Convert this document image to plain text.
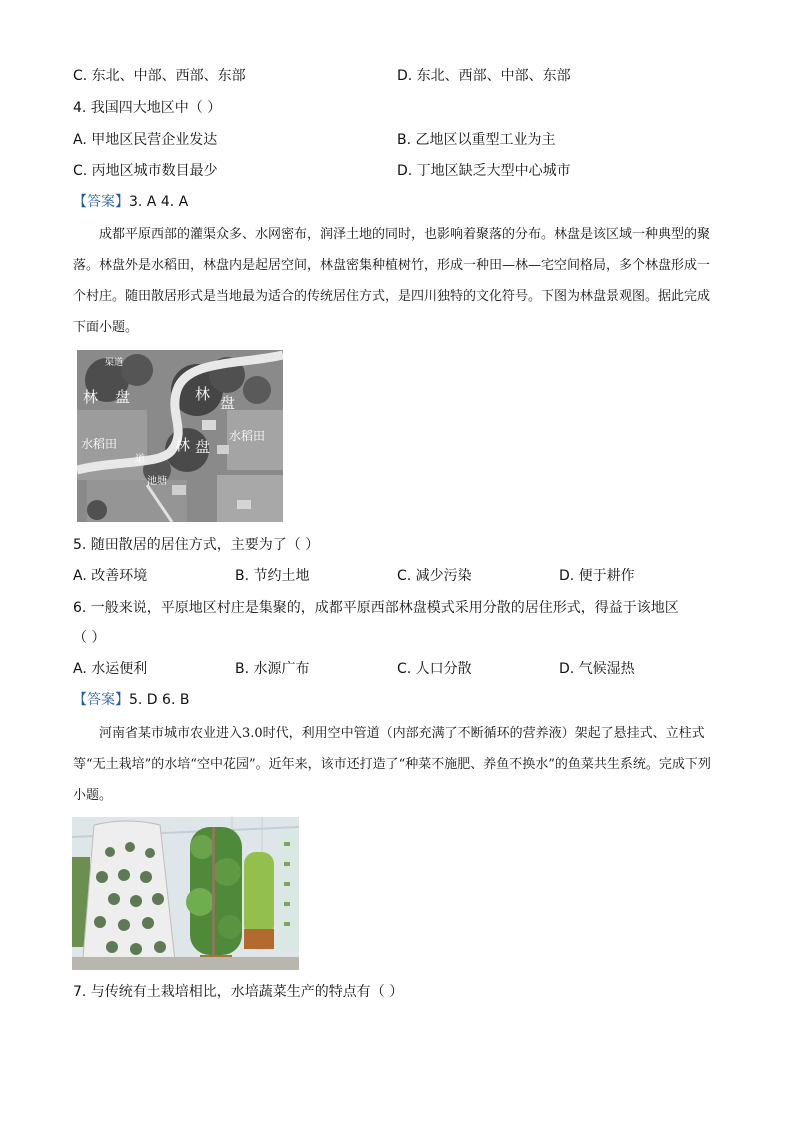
C. 东北、中部、西部、东部	D. 东北、西部、中部、东部
4. 我国四大地区中（ ）
A. 甲地区民营企业发达	B. 乙地区以重型工业为主
C. 丙地区城市数目最少	D. 丁地区缺乏大型中心城市
【答案】3. A 4. A
成都平原西部的灌渠众多、水网密布，润泽土地的同时，也影响着聚落的分布。林盘是该区域一种典型的聚落。林盘外是水稻田，林盘内是起居空间，林盘密集种植树竹，形成一种田—林—宅空间格局，多个林盘形成一个村庄。随田散居形式是当地最为适合的传统居住方式，是四川独特的文化符号。下图为林盘景观图。据此完成下面小题。
渠道
林 盘	林 盘
水稻田
水稻田
林 盘
池塘
道
5. 随田散居的居住方式，主要为了（ ）
A. 改善环境	B. 节约土地	C. 减少污染	D. 便于耕作
6. 一般来说，平原地区村庄是集聚的，成都平原西部林盘模式采用分散的居住形式，得益于该地区
（ ）
A. 水运便利	B. 水源广布	C. 人口分散	D. 气候湿热
【答案】5. D 6. B
河南省某市城市农业进入3.0时代，利用空中管道（内部充满了不断循环的营养液）架起了悬挂式、立柱式等“无土栽培”的水培“空中花园”。近年来，该市还打造了“种菜不施肥、养鱼不换水”的鱼菜共生系统。完成下列小题。
7. 与传统有土栽培相比，水培蔬菜生产的特点有（ ）
